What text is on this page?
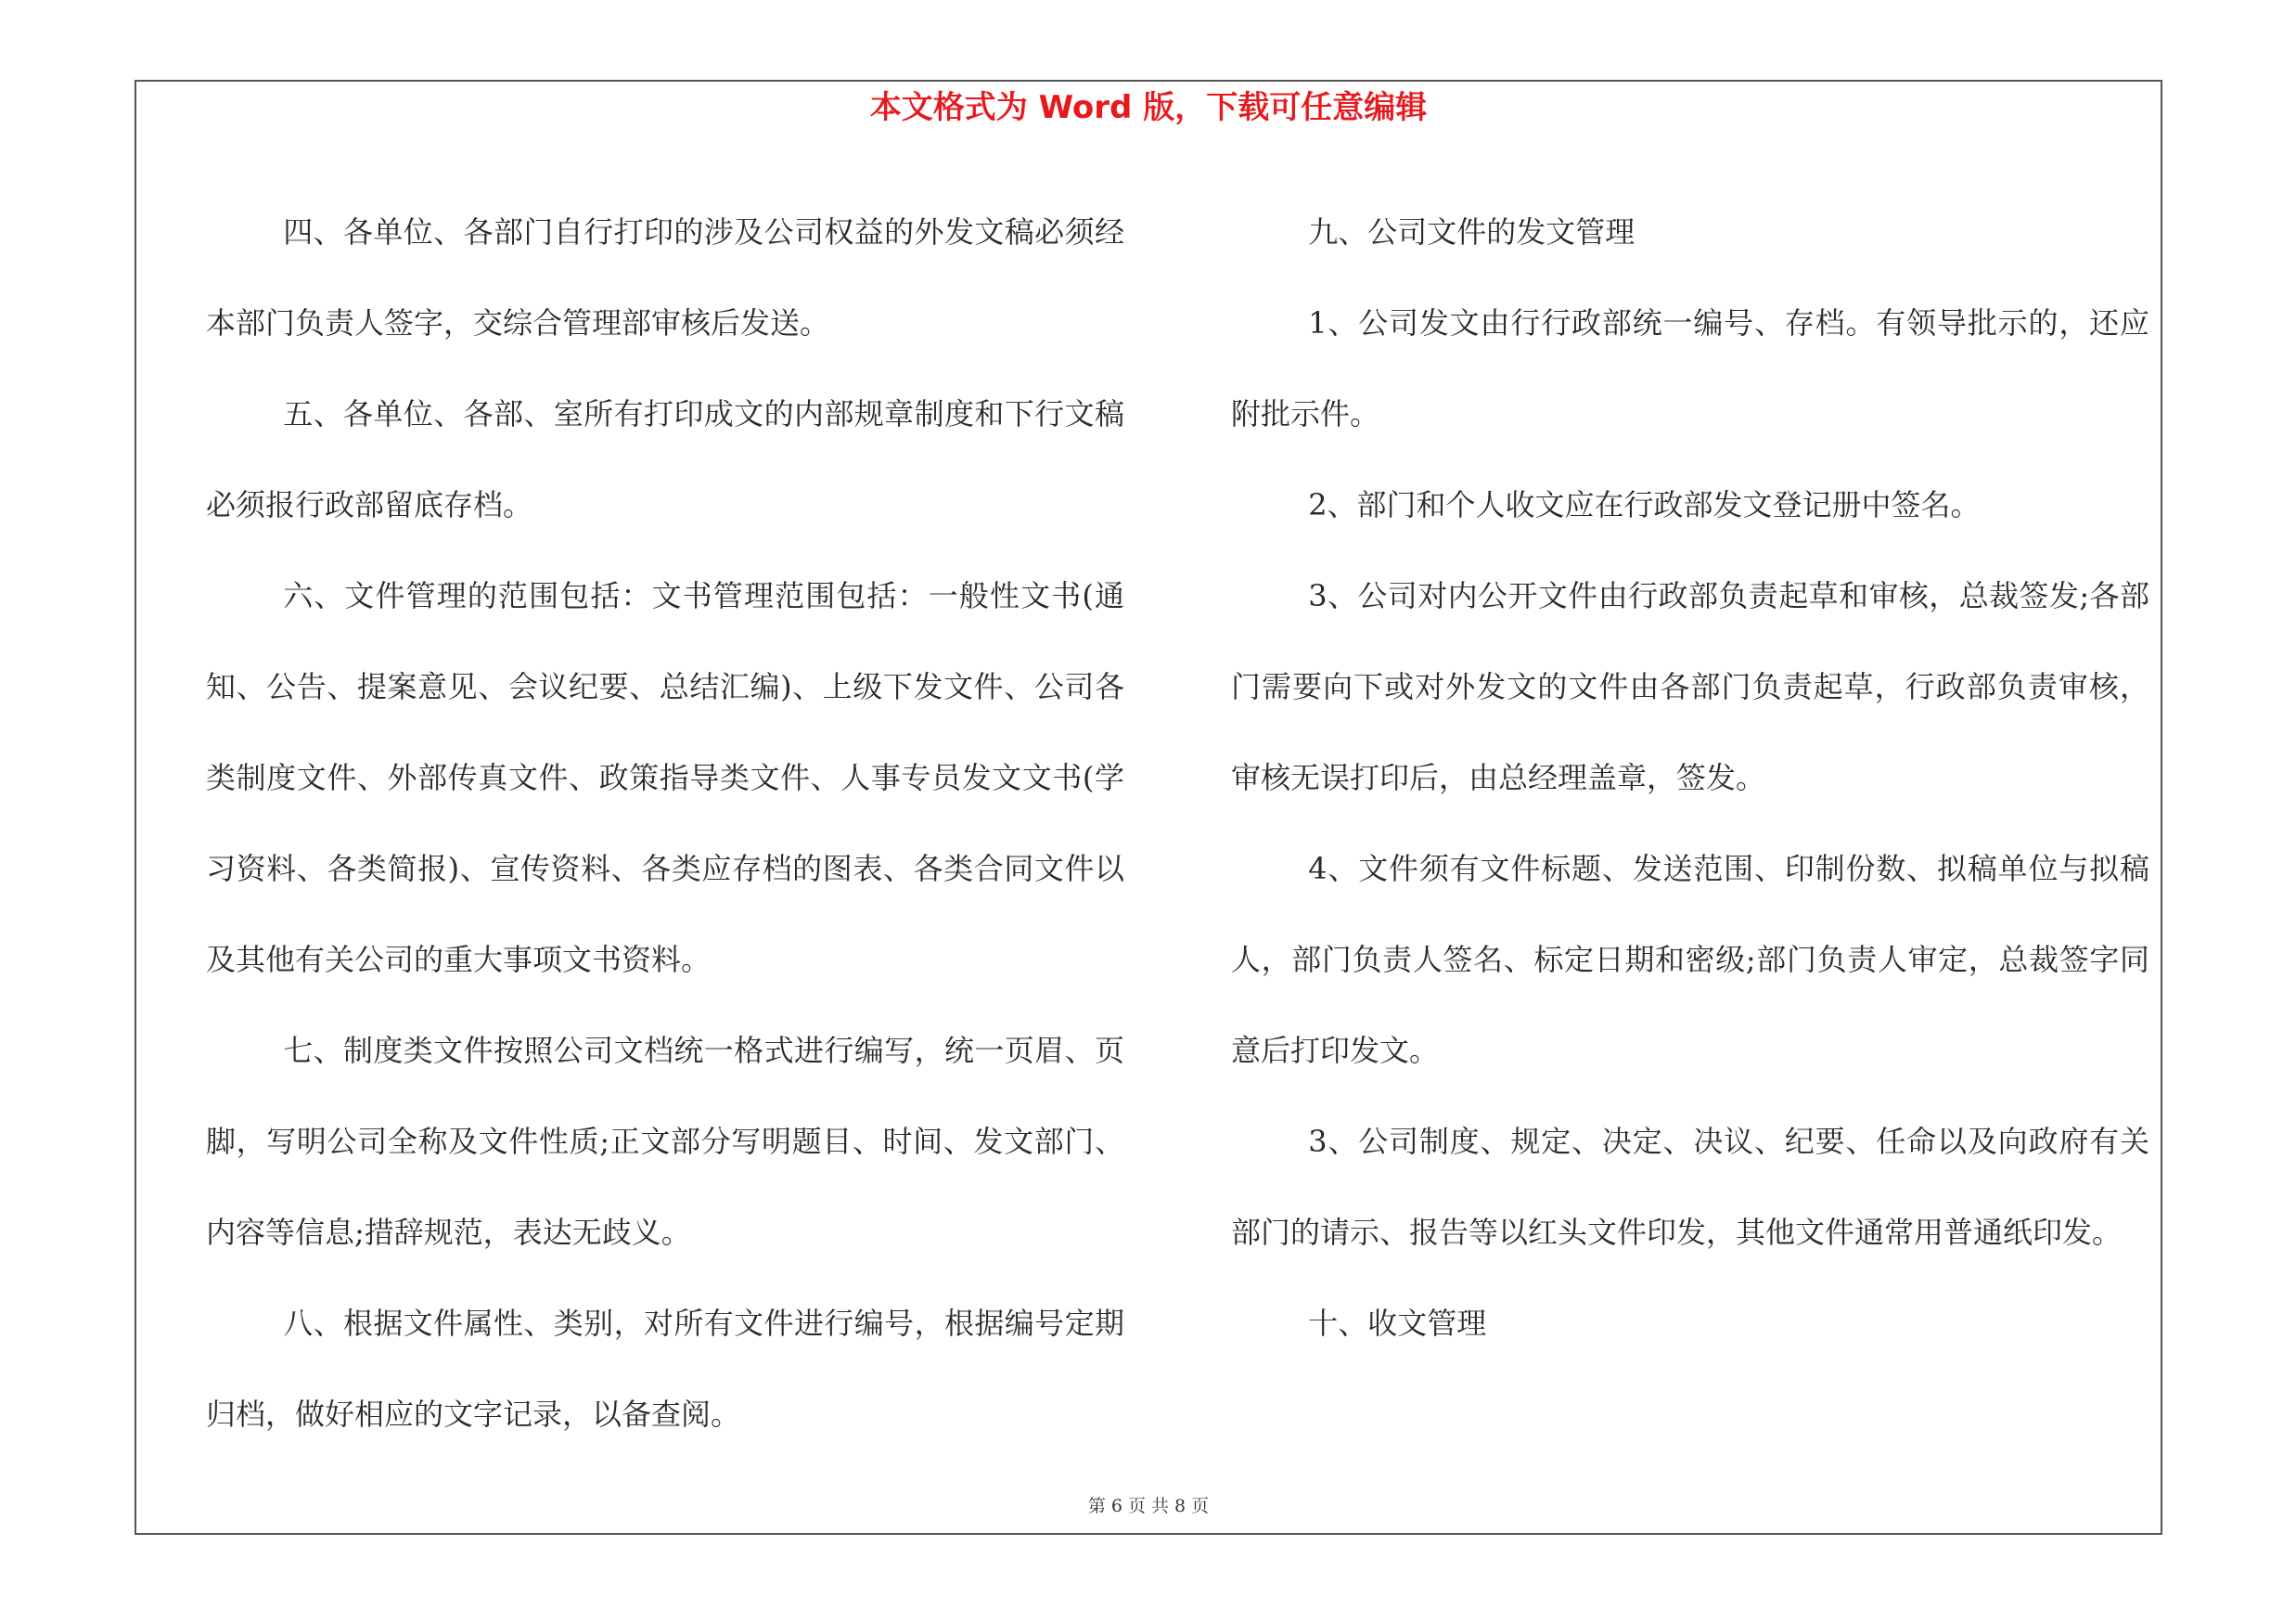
本文格式为 Word 版，下载可任意编辑

四、各单位、各部门自行打印的涉及公司权益的外发文稿必须经本部门负责人签字，交综合管理部审核后发送。

五、各单位、各部、室所有打印成文的内部规章制度和下行文稿必须报行政部留底存档。

六、文件管理的范围包括：文书管理范围包括：一般性文书(通知、公告、提案意见、会议纪要、总结汇编)、上级下发文件、公司各类制度文件、外部传真文件、政策指导类文件、人事专员发文文书(学习资料、各类简报)、宣传资料、各类应存档的图表、各类合同文件以及其他有关公司的重大事项文书资料。

七、制度类文件按照公司文档统一格式进行编写，统一页眉、页脚，写明公司全称及文件性质;正文部分写明题目、时间、发文部门、内容等信息;措辞规范，表达无歧义。

八、根据文件属性、类别，对所有文件进行编号，根据编号定期归档，做好相应的文字记录，以备查阅。

九、公司文件的发文管理

1、公司发文由行行政部统一编号、存档。有领导批示的，还应附批示件。

2、部门和个人收文应在行政部发文登记册中签名。

3、公司对内公开文件由行政部负责起草和审核，总裁签发;各部门需要向下或对外发文的文件由各部门负责起草，行政部负责审核，审核无误打印后，由总经理盖章，签发。

4、文件须有文件标题、发送范围、印制份数、拟稿单位与拟稿人，部门负责人签名、标定日期和密级;部门负责人审定，总裁签字同意后打印发文。

3、公司制度、规定、决定、决议、纪要、任命以及向政府有关部门的请示、报告等以红头文件印发，其他文件通常用普通纸印发。

十、收文管理

第 6 页 共 8 页
